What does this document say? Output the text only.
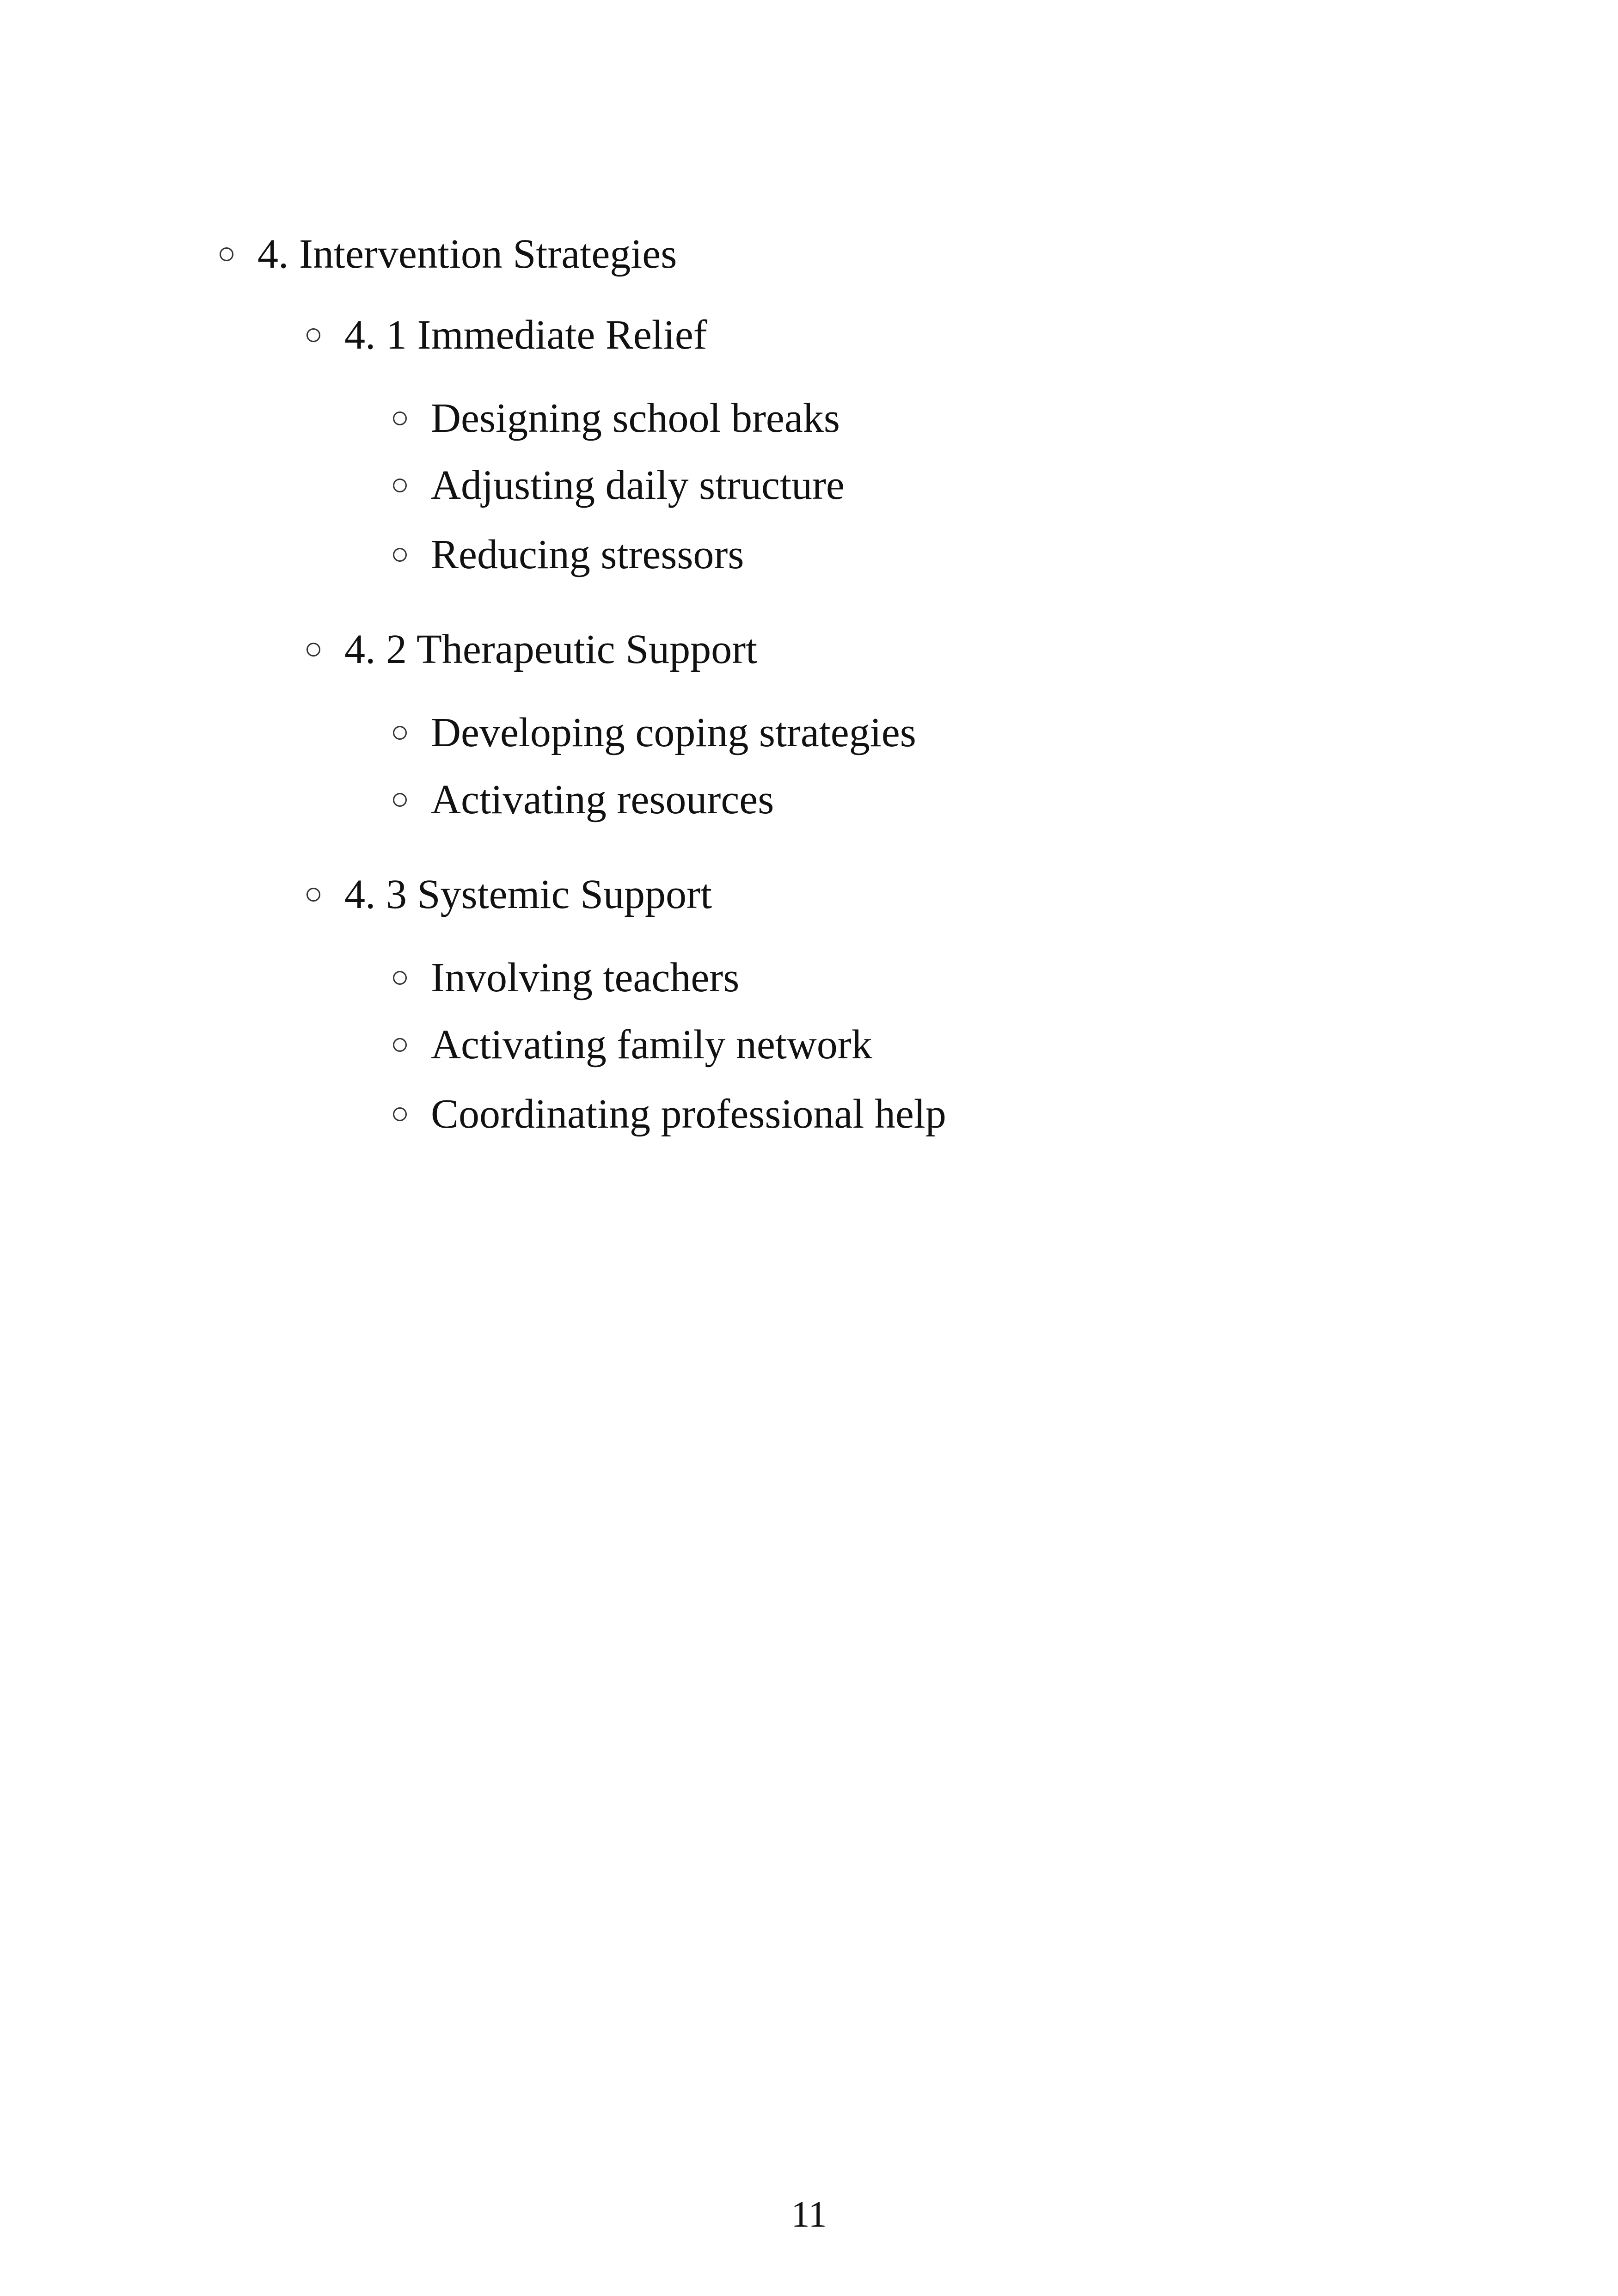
4. Intervention Strategies
4. 1 Immediate Relief
Designing school breaks
Adjusting daily structure
Reducing stressors
4. 2 Therapeutic Support
Developing coping strategies
Activating resources
4. 3 Systemic Support
Involving teachers
Activating family network
Coordinating professional help
11
